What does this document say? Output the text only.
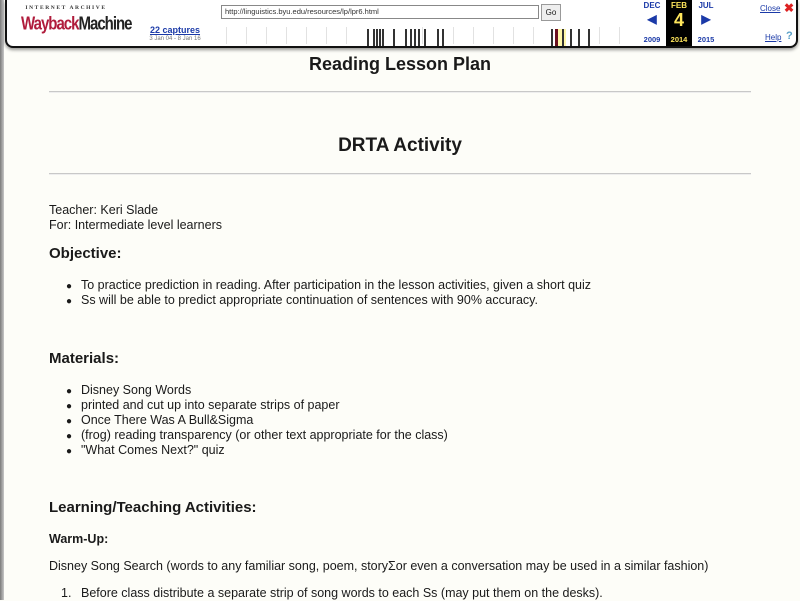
INTERNET ARCHIVE
WaybackMachine	22 captures
3 Jan 04 - 8 Jan 16
http://linguistics.byu.edu/resources/lp/lpr6.html
Go
DEC
◀
2009
FEB
4
2014
JUL
▶
2015
Close ✖
Help ?
Reading Lesson Plan
DRTA Activity
Teacher: Keri Slade
For: Intermediate level learners
Objective:
● To practice prediction in reading. After participation in the lesson activities, given a short quiz
● Ss will be able to predict appropriate continuation of sentences with 90% accuracy.
Materials:
● Disney Song Words
● printed and cut up into separate strips of paper
● Once There Was A Bull&Sigma
● (frog) reading transparency (or other text appropriate for the class)
● "What Comes Next?" quiz
Learning/Teaching Activities:
Warm-Up:
Disney Song Search (words to any familiar song, poem, storyΣor even a conversation may be used in a similar fashion)
1. Before class distribute a separate strip of song words to each Ss (may put them on the desks).
